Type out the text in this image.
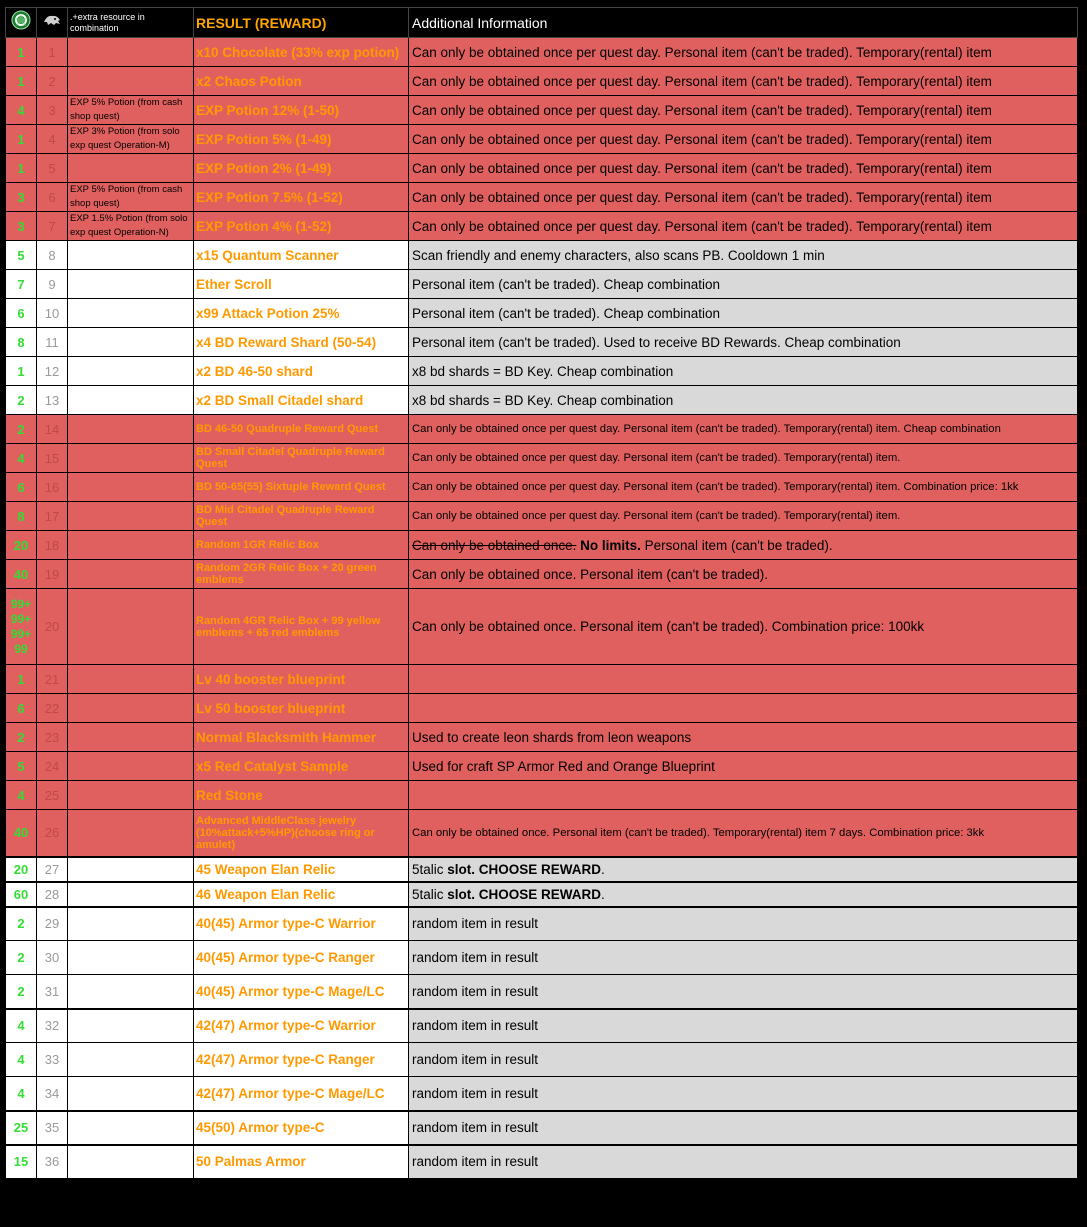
		.+extra resource in combination	RESULT (REWARD)	Additional Information
1	1		x10 Chocolate (33% exp potion)	Can only be obtained once per quest day. Personal item (can't be traded). Temporary(rental) item
1	2		x2 Chaos Potion	Can only be obtained once per quest day. Personal item (can't be traded). Temporary(rental) item
4	3	EXP 5% Potion (from cash shop quest)	EXP Potion 12% (1-50)	Can only be obtained once per quest day. Personal item (can't be traded). Temporary(rental) item
1	4	EXP 3% Potion (from solo exp quest Operation-M)	EXP Potion 5% (1-49)	Can only be obtained once per quest day. Personal item (can't be traded). Temporary(rental) item
1	5		EXP Potion 2% (1-49)	Can only be obtained once per quest day. Personal item (can't be traded). Temporary(rental) item
3	6	EXP 5% Potion (from cash shop quest)	EXP Potion 7.5% (1-52)	Can only be obtained once per quest day. Personal item (can't be traded). Temporary(rental) item
3	7	EXP 1.5% Potion (from solo exp quest Operation-N)	EXP Potion 4% (1-52)	Can only be obtained once per quest day. Personal item (can't be traded). Temporary(rental) item
5	8		x15 Quantum Scanner	Scan friendly and enemy characters, also scans PB. Cooldown 1 min
7	9		Ether Scroll	Personal item (can't be traded). Cheap combination
6	10		x99 Attack Potion 25%	Personal item (can't be traded). Cheap combination
8	11		x4 BD Reward Shard (50-54)	Personal item (can't be traded). Used to receive BD Rewards. Cheap combination
1	12		x2 BD 46-50 shard	x8 bd shards = BD Key. Cheap combination
2	13		x2 BD Small Citadel shard	x8 bd shards = BD Key. Cheap combination
2	14		BD 46-50 Quadruple Reward Quest	Can only be obtained once per quest day. Personal item (can't be traded). Temporary(rental) item. Cheap combination
4	15		BD Small Citadel Quadruple Reward Quest	Can only be obtained once per quest day. Personal item (can't be traded). Temporary(rental) item.
6	16		BD 50-65(55) Sixtuple Reward Quest	Can only be obtained once per quest day. Personal item (can't be traded). Temporary(rental) item. Combination price: 1kk
8	17		BD Mid Citadel Quadruple Reward Quest	Can only be obtained once per quest day. Personal item (can't be traded). Temporary(rental) item.
20	18		Random 1GR Relic Box	Can only be obtained once. No limits. Personal item (can't be traded).
40	19		Random 2GR Relic Box + 20 green emblems	Can only be obtained once. Personal item (can't be traded).
99+ 99+ 99+ 99	20		Random 4GR Relic Box + 99 yellow emblems + 65 red emblems	Can only be obtained once. Personal item (can't be traded). Combination price: 100kk
1	21		Lv 40 booster blueprint	
6	22		Lv 50 booster blueprint	
2	23		Normal Blacksmith Hammer	Used to create leon shards from leon weapons
5	24		x5 Red Catalyst Sample	Used for craft SP Armor Red and Orange Blueprint
4	25		Red Stone	
40	26		Advanced MiddleClass jewelry (10%attack+5%HP)(choose ring or amulet)	Can only be obtained once. Personal item (can't be traded). Temporary(rental) item 7 days. Combination price: 3kk
20	27		45 Weapon Elan Relic	5talic slot. CHOOSE REWARD.
60	28		46 Weapon Elan Relic	5talic slot. CHOOSE REWARD.
2	29		40(45) Armor type-C Warrior	random item in result
2	30		40(45) Armor type-C Ranger	random item in result
2	31		40(45) Armor type-C Mage/LC	random item in result
4	32		42(47) Armor type-C Warrior	random item in result
4	33		42(47) Armor type-C Ranger	random item in result
4	34		42(47) Armor type-C Mage/LC	random item in result
25	35		45(50) Armor type-C	random item in result
15	36		50 Palmas Armor	random item in result
